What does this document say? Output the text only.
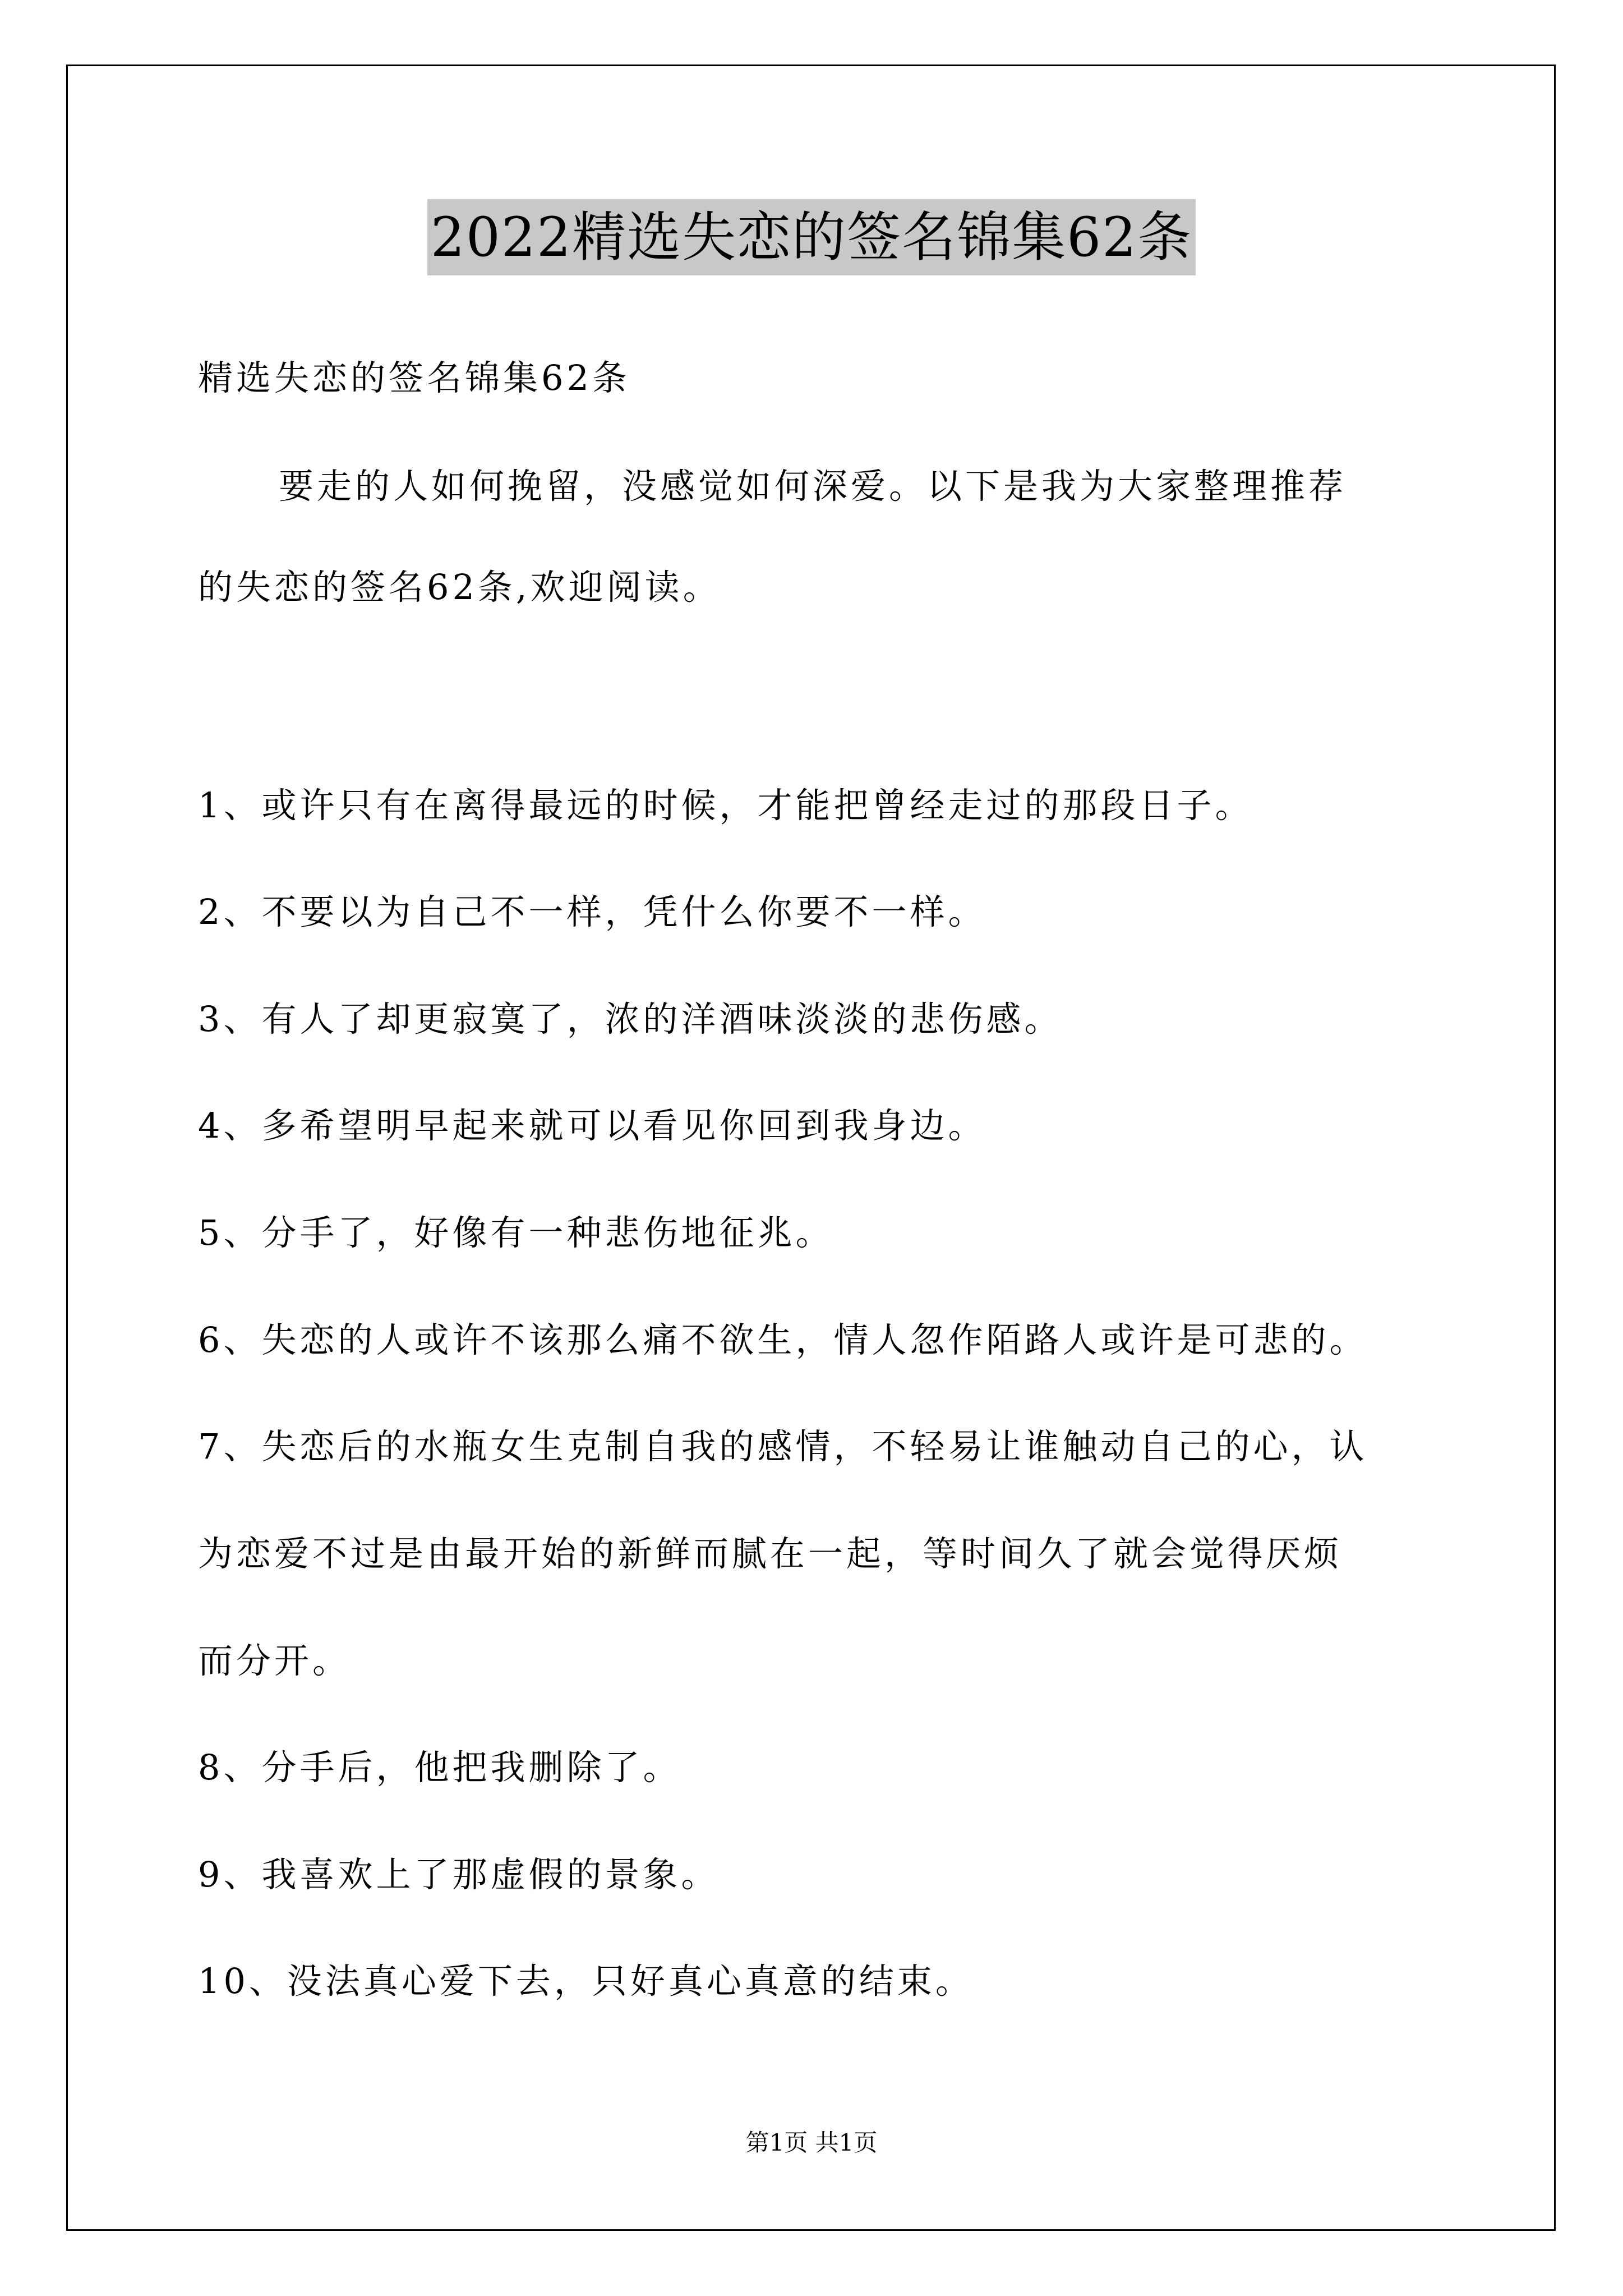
2022精选失恋的签名锦集62条
精选失恋的签名锦集62条
要走的人如何挽留，没感觉如何深爱。以下是我为大家整理推荐
的失恋的签名62条,欢迎阅读。
1、或许只有在离得最远的时候，才能把曾经走过的那段日子。
2、不要以为自己不一样，凭什么你要不一样。
3、有人了却更寂寞了，浓的洋酒味淡淡的悲伤感。
4、多希望明早起来就可以看见你回到我身边。
5、分手了，好像有一种悲伤地征兆。
6、失恋的人或许不该那么痛不欲生，情人忽作陌路人或许是可悲的。
7、失恋后的水瓶女生克制自我的感情，不轻易让谁触动自己的心，认
为恋爱不过是由最开始的新鲜而腻在一起，等时间久了就会觉得厌烦
而分开。
8、分手后，他把我删除了。
9、我喜欢上了那虚假的景象。
10、没法真心爱下去，只好真心真意的结束。
第1页 共1页
